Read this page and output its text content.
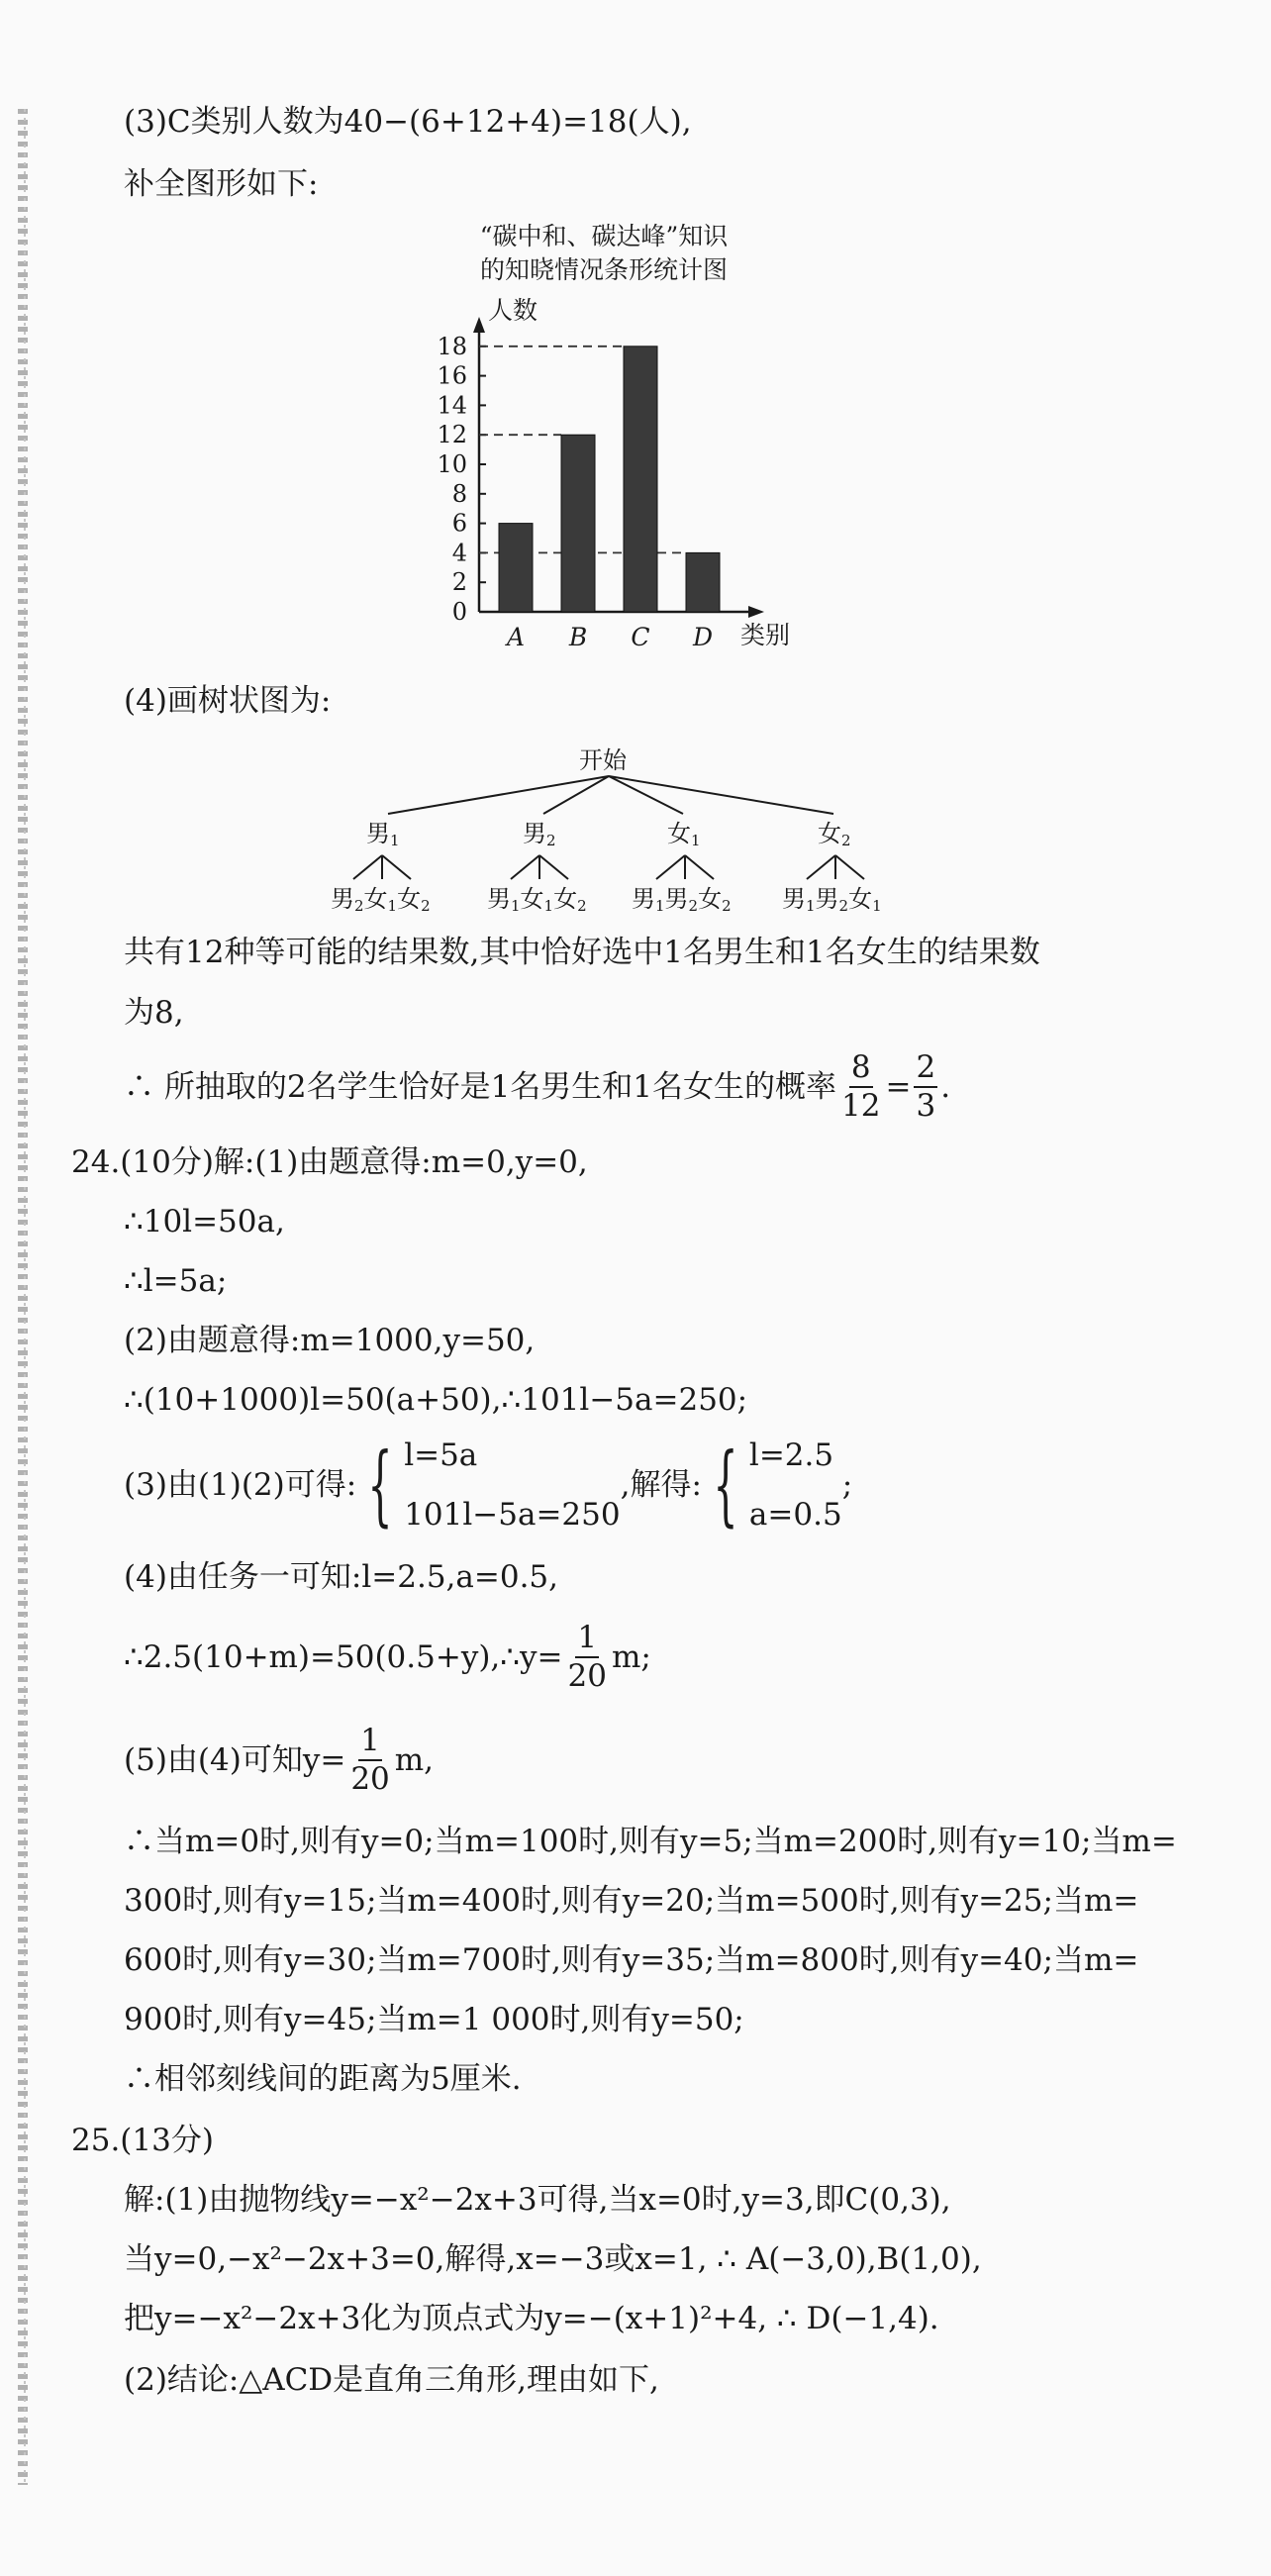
(3)C类别人数为40−(6+12+4)=18(人),
补全图形如下:
“碳中和、碳达峰”知识
的知晓情况条形统计图
人数
类别
0
2
4
6
8
10
12
14
16
18
A B C D
(4)画树状图为:
开始
男$_1$	男$_2$	女$_1$	女$_2$
男$_2$女$_1$女$_2$ 男$_1$女$_1$女$_2$ 男$_1$男$_2$女$_2$ 男$_1$男$_2$女$_1$
共有12种等可能的结果数,其中恰好选中1名男生和1名女生的结果数
为8,
∴ 所抽取的2名学生恰好是1名男生和1名女生的概率 $\frac{8}{12} = \frac{2}{3}$ .
24.(10分)解:(1)由题意得:m=0,y=0,
∴10l=50a,
∴l=5a;
(2)由题意得:m=1000,y=50,
∴(10+1000)l=50(a+50),∴101l−5a=250;
(3)由(1)(2)可得: { l=5a
101l−5a=250
,解得: { l=2.5
a=0.5
;
(4)由任务一可知:l=2.5,a=0.5,
∴2.5(10+m)=50(0.5+y),∴y= $\frac{1}{20} m$;
(5)由(4)可知$y= \frac{1}{20} m$,
∴当m=0时,则有y=0;当m=100时,则有y=5;当m=200时,则有y=10;当m=
300时,则有y=15;当m=400时,则有y=20;当m=500时,则有y=25;当m=
600时,则有y=30;当m=700时,则有y=35;当m=800时,则有y=40;当m=
900时,则有y=45;当m=1 000时,则有y=50;
∴相邻刻线间的距离为5厘米.
25.(13分)
解:(1)由抛物线y=−x²−2x+3可得,当x=0时,y=3,即C(0,3),
当y=0,−x²−2x+3=0,解得,x=−3或x=1, ∴ A(−3,0),B(1,0),
把y=−x²−2x+3化为顶点式为y=−(x+1)²+4, ∴ D(−1,4).
(2)结论:△ACD是直角三角形,理由如下,
